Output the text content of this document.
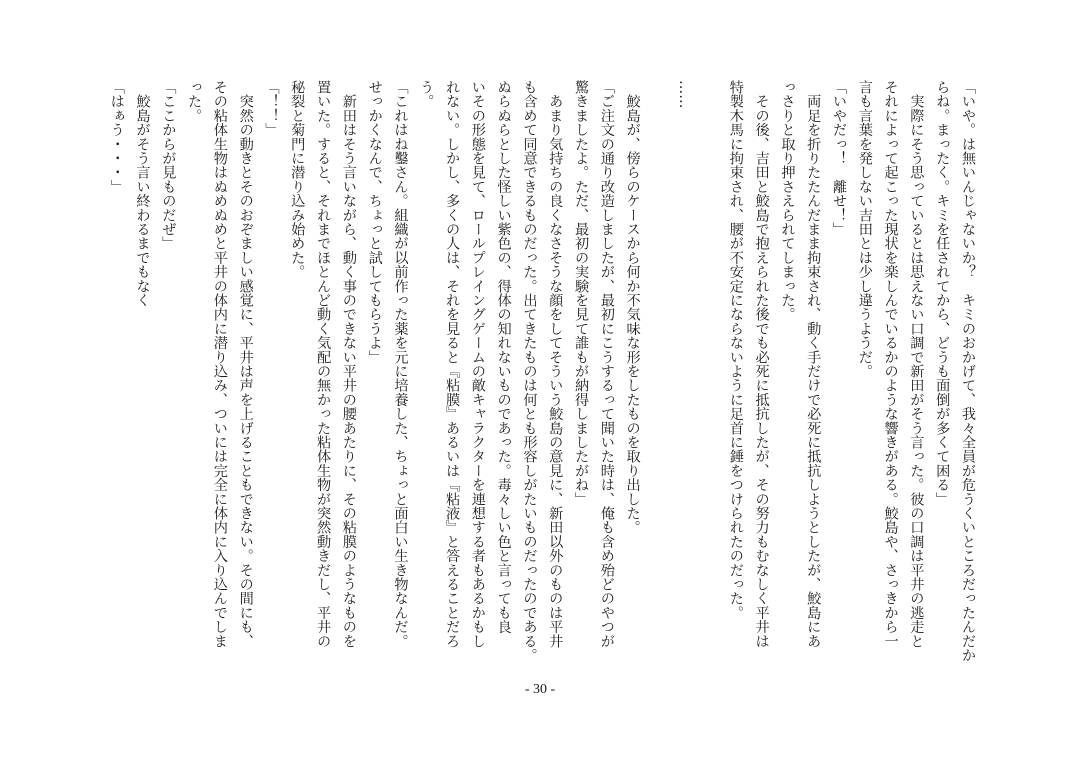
「いや。は無いんじゃないか？　キミのおかげて、我々全員が危うくいところだったんだか

らね。まったく。キミを任されてから、どうも面倒が多くて困る」

　実際にそう思っているとは思えない口調で新田がそう言った。彼の口調は平井の逃走と

それによって起こった現状を楽しんでいるかのような響きがある。鮫島や、さっきから一

言も言葉を発しない吉田とは少し違うようだ。

「いやだっ！　離せ！」

　両足を折りたたんだまま拘束され、動く手だけで必死に抵抗しようとしたが、鮫島にあ

っさりと取り押さえられてしまった。

　その後、吉田と鮫島で抱えられた後でも必死に抵抗したが、その努力もむなしく平井は

特製木馬に拘束され、腰が不安定にならないように足首に錘をつけられたのだった。

……

　鮫島が、傍らのケースから何か不気味な形をしたものを取り出した。

「ご注文の通り改造しましたが、最初にこうするって聞いた時は、俺も含め殆どのやつが

驚きましたよ。ただ、最初の実験を見て誰もが納得しましたがね」

　あまり気持ちの良くなさそうな顔をしてそういう鮫島の意見に、新田以外のものは平井

も含めて同意できるものだった。出てきたものは何とも形容しがたいものだったのである。

ぬらぬらとした怪しい紫色の、得体の知れないものであった。毒々しい色と言っても良

いその形態を見て、ロールプレイングゲームの敵キャラクターを連想する者もあるかもし

れない。しかし、多くの人は、それを見ると『粘膜』あるいは『粘液』と答えることだろ

う。

「これはね鑿さん。組織が以前作った薬を元に培養した、ちょっと面白い生き物なんだ。

せっかくなんで、ちょっと試してもらうよ」

　新田はそう言いながら、動く事のできない平井の腰あたりに、その粘膜のようなものを

置いた。すると、それまでほとんど動く気配の無かった粘体生物が突然動きだし、平井の

秘裂と菊門に潜り込み始めた。

「！！」

　突然の動きとそのおぞましい感覚に、平井は声を上げることもできない。その間にも、

その粘体生物はぬめぬめと平井の体内に潜り込み、ついには完全に体内に入り込んでしま

った。

「ここからが見ものだぜ」

　鮫島がそう言い終わるまでもなく

「はぁう・・・」

- 30 -
